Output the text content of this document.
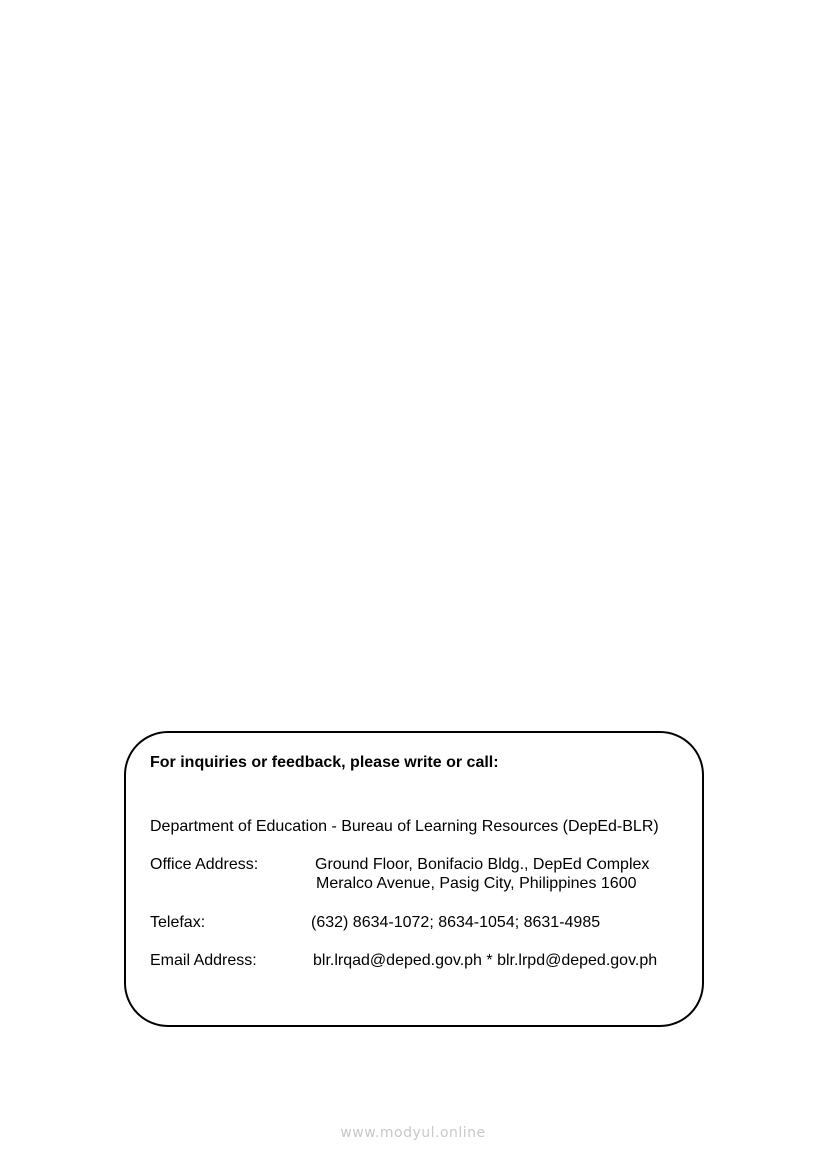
For inquiries or feedback, please write or call:
Department of Education - Bureau of Learning Resources (DepEd-BLR)
Office Address:	Ground Floor, Bonifacio Bldg., DepEd Complex
Meralco Avenue, Pasig City, Philippines 1600
Telefax:	(632) 8634-1072; 8634-1054; 8631-4985
Email Address:	blr.lrqad@deped.gov.ph * blr.lrpd@deped.gov.ph
www.modyul.online
